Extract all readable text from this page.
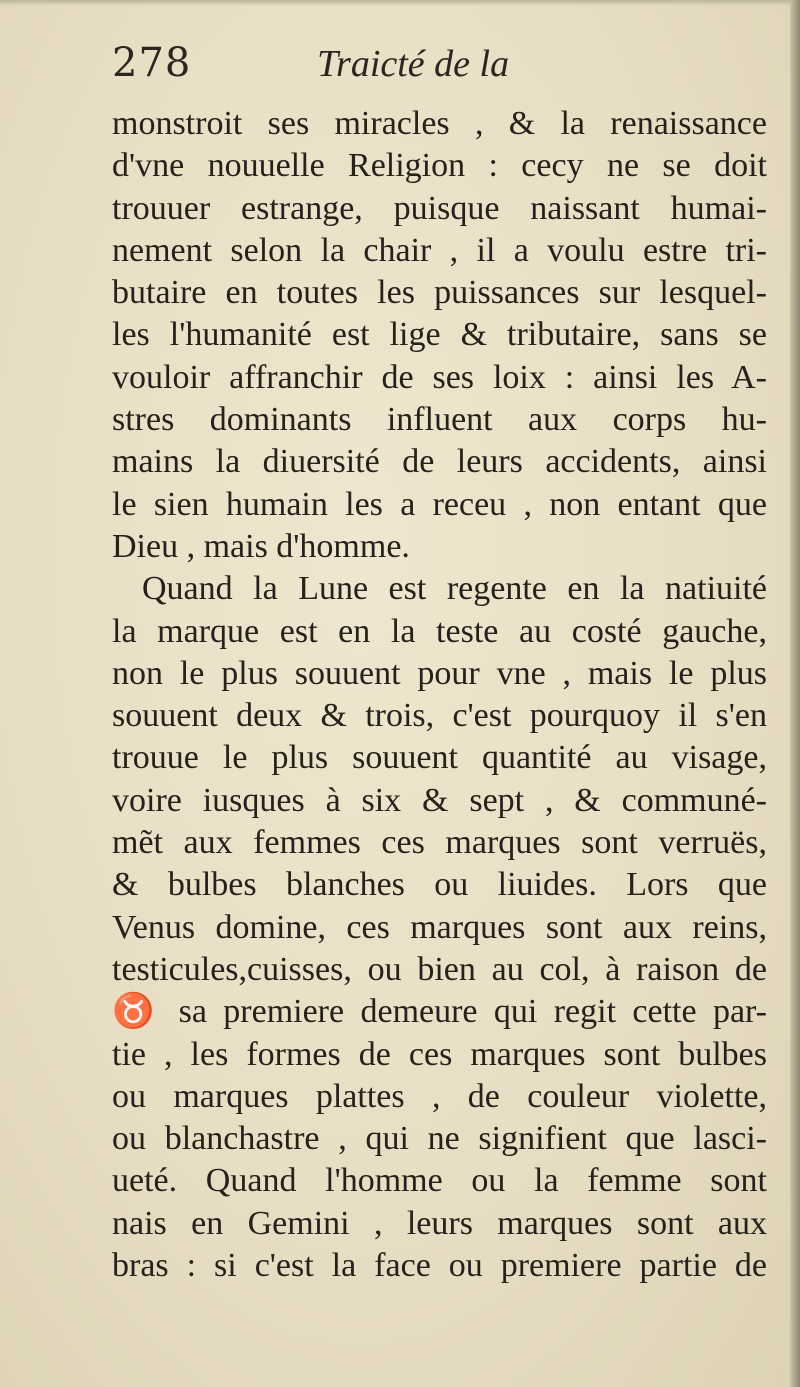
278	Traicté de la
monstroit ses miracles , & la renaissance
d'vne nouuelle Religion : cecy ne se doit
trouuer estrange, puisque naissant humai-
nement selon la chair , il a voulu estre tri-
butaire en toutes les puissances sur lesquel-
les l'humanité est lige & tributaire, sans se
vouloir affranchir de ses loix : ainsi les A-
stres dominants influent aux corps hu-
mains la diuersité de leurs accidents, ainsi
le sien humain les a receu , non entant que
Dieu , mais d'homme.
Quand la Lune est regente en la natiuité
la marque est en la teste au costé gauche,
non le plus souuent pour vne , mais le plus
souuent deux & trois, c'est pourquoy il s'en
trouue le plus souuent quantité au visage,
voire iusques à six & sept , & communé-
mẽt aux femmes ces marques sont verruës,
& bulbes blanches ou liuides. Lors que
Venus domine, ces marques sont aux reins,
testicules,cuisses, ou bien au col, à raison de
♉ sa premiere demeure qui regit cette par-
tie , les formes de ces marques sont bulbes
ou marques plattes , de couleur violette,
ou blanchastre , qui ne signifient que lasci-
ueté. Quand l'homme ou la femme sont
nais en Gemini , leurs marques sont aux
bras : si c'est la face ou premiere partie de
